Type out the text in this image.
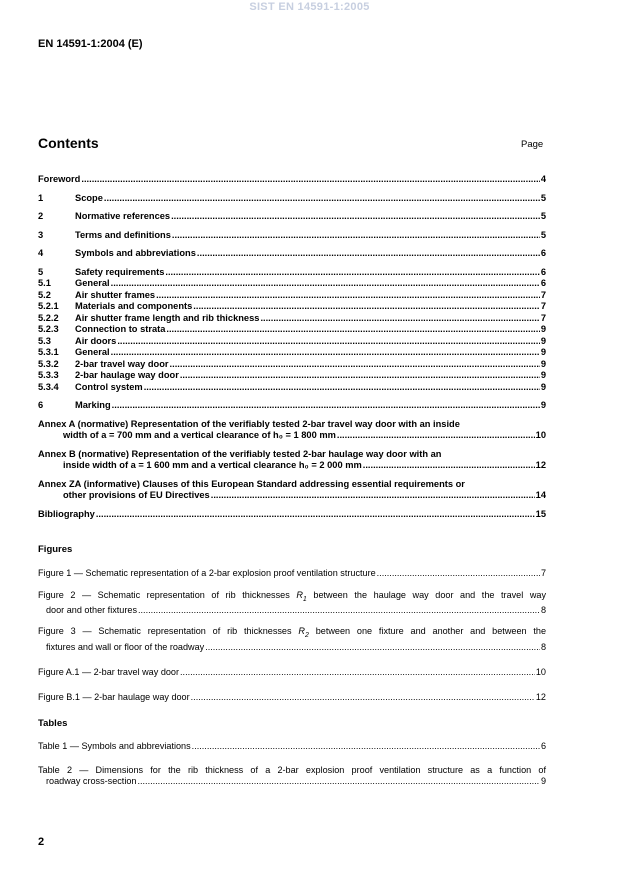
SIST EN 14591-1:2005
EN 14591-1:2004 (E)
Contents	Page
Foreword .....	4
1	Scope .....	5
2	Normative references .....	5
3	Terms and definitions .....	5
4	Symbols and abbreviations .....	6
5	Safety requirements .....	6
5.1	General .....	6
5.2	Air shutter frames .....	7
5.2.1	Materials and components .....	7
5.2.2	Air shutter frame length and rib thickness .....	7
5.2.3	Connection to strata .....	9
5.3	Air doors .....	9
5.3.1	General .....	9
5.3.2	2-bar travel way door .....	9
5.3.3	2-bar haulage way door .....	9
5.3.4	Control system .....	9
6	Marking .....	9
Annex A (normative) Representation of the verifiably tested 2-bar travel way door with an inside
width of a = 700 mm and a vertical clearance of h₀ = 1 800 mm .....	10
Annex B (normative) Representation of the verifiably tested 2-bar haulage way door with an
inside width of a = 1 600 mm and a vertical clearance h₀ = 2 000 mm .....	12
Annex ZA (informative) Clauses of this European Standard addressing essential requirements or
other provisions of EU Directives .....	14
Bibliography .....	15
Figures
Figure 1 — Schematic representation of a 2-bar explosion proof ventilation structure .....	7
Figure 2 — Schematic representation of rib thicknesses $R_1$ between the haulage way door and the travel way
door and other fixtures .....	8
Figure 3 — Schematic representation of rib thicknesses $R_2$ between one fixture and another and between the
fixtures and wall or floor of the roadway .....	8
Figure A.1 — 2-bar travel way door .....	10
Figure B.1 — 2-bar haulage way door .....	12
Tables
Table 1 — Symbols and abbreviations .....	6
Table 2 — Dimensions for the rib thickness of a 2-bar explosion proof ventilation structure as a function of
roadway cross-section .....	9
2
